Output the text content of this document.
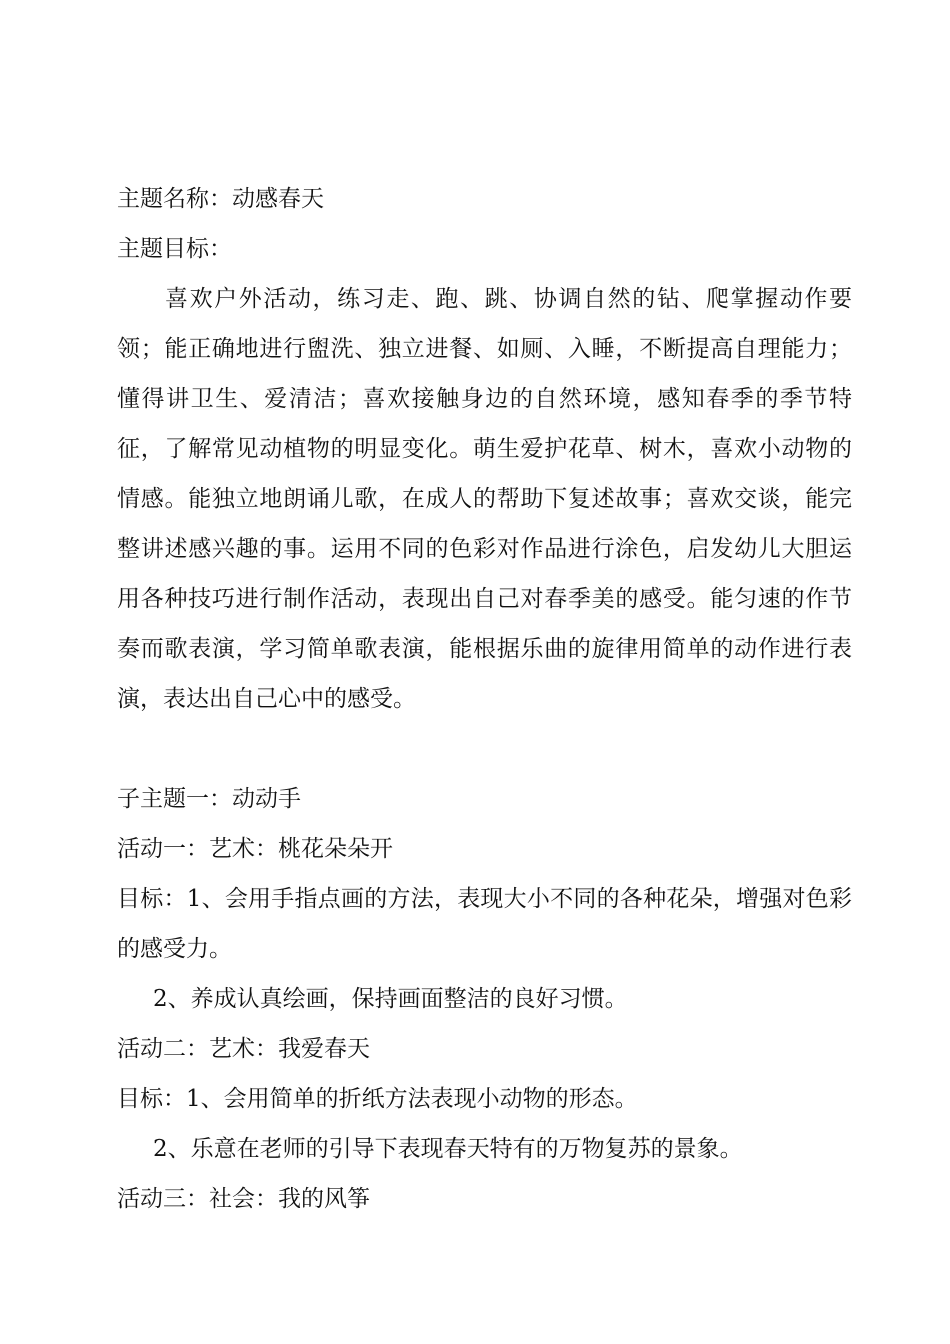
主题名称：动感春天
主题目标：

喜欢户外活动，练习走、跑、跳、协调自然的钻、爬掌握动作要领；能正确地进行盥洗、独立进餐、如厕、入睡，不断提高自理能力；懂得讲卫生、爱清洁；喜欢接触身边的自然环境，感知春季的季节特征，了解常见动植物的明显变化。萌生爱护花草、树木，喜欢小动物的情感。能独立地朗诵儿歌，在成人的帮助下复述故事；喜欢交谈，能完整讲述感兴趣的事。运用不同的色彩对作品进行涂色，启发幼儿大胆运用各种技巧进行制作活动，表现出自己对春季美的感受。能匀速的作节奏而歌表演，学习简单歌表演，能根据乐曲的旋律用简单的动作进行表演，表达出自己心中的感受。

子主题一：动动手
活动一：艺术：桃花朵朵开

目标：1、会用手指点画的方法，表现大小不同的各种花朵，增强对色彩的感受力。

2、养成认真绘画，保持画面整洁的良好习惯。
活动二：艺术：我爱春天
目标：1、会用简单的折纸方法表现小动物的形态。
2、乐意在老师的引导下表现春天特有的万物复苏的景象。
活动三：社会：我的风筝
